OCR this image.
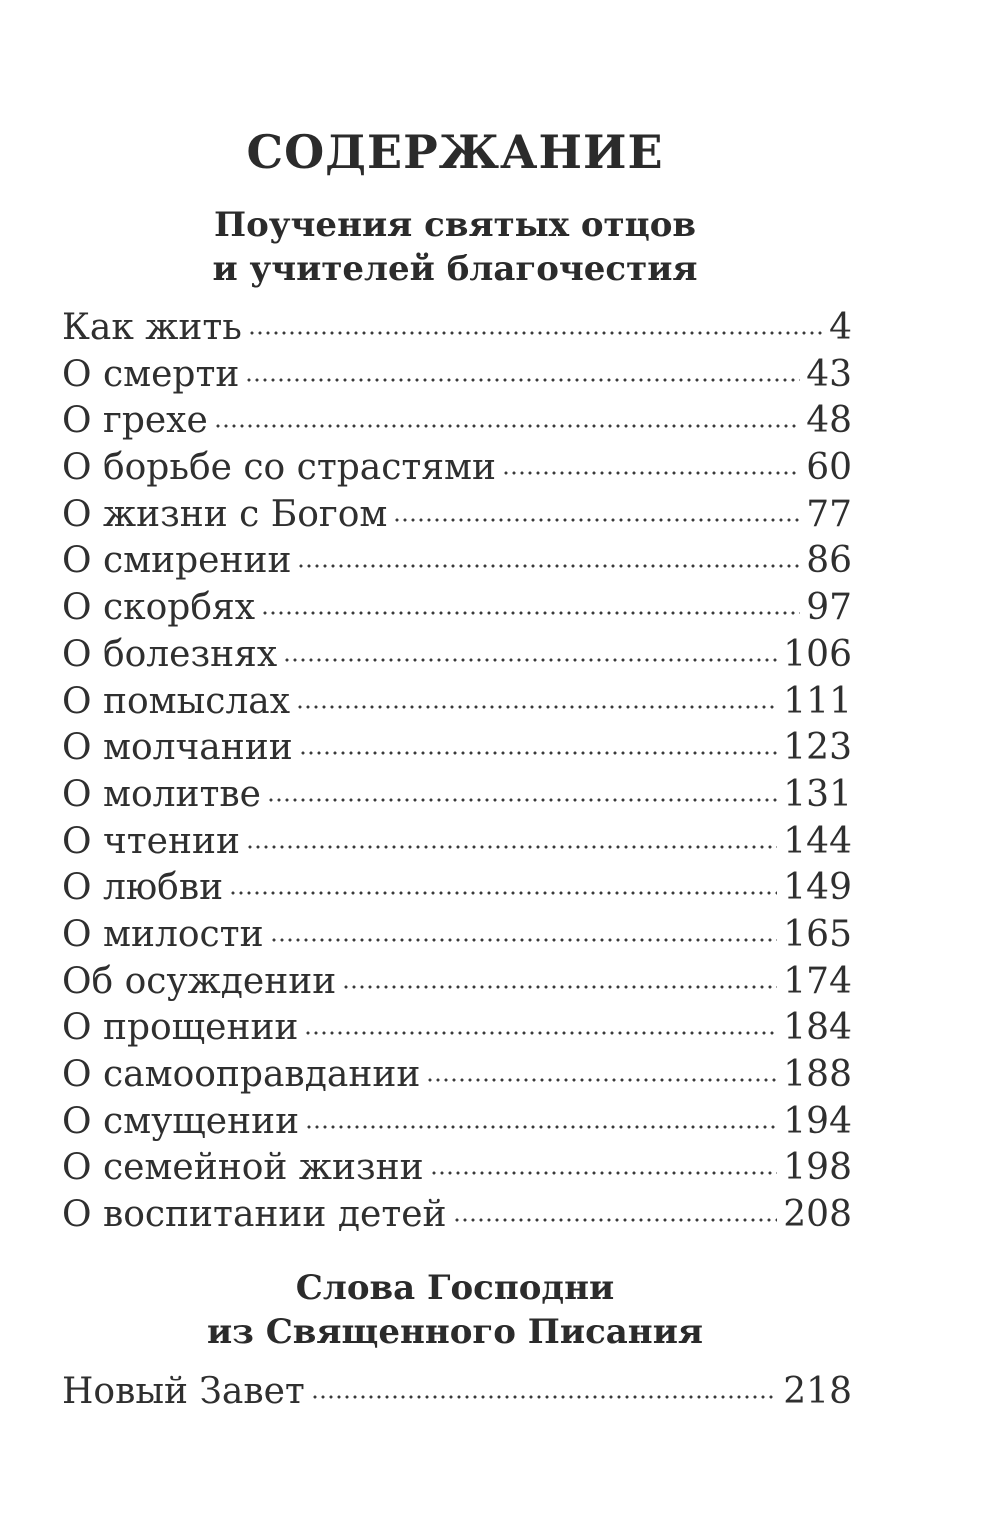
СОДЕРЖАНИЕ
Поучения святых отцов
и учителей благочестия
Как жить	4
О смерти	43
О грехе	48
О борьбе со страстями	60
О жизни с Богом	77
О смирении	86
О скорбях	97
О болезнях	106
О помыслах	111
О молчании	123
О молитве	131
О чтении	144
О любви	149
О милости	165
Об осуждении	174
О прощении	184
О самооправдании	188
О смущении	194
О семейной жизни	198
О воспитании детей	208
Слова Господни
из Священного Писания
Новый Завет	218
